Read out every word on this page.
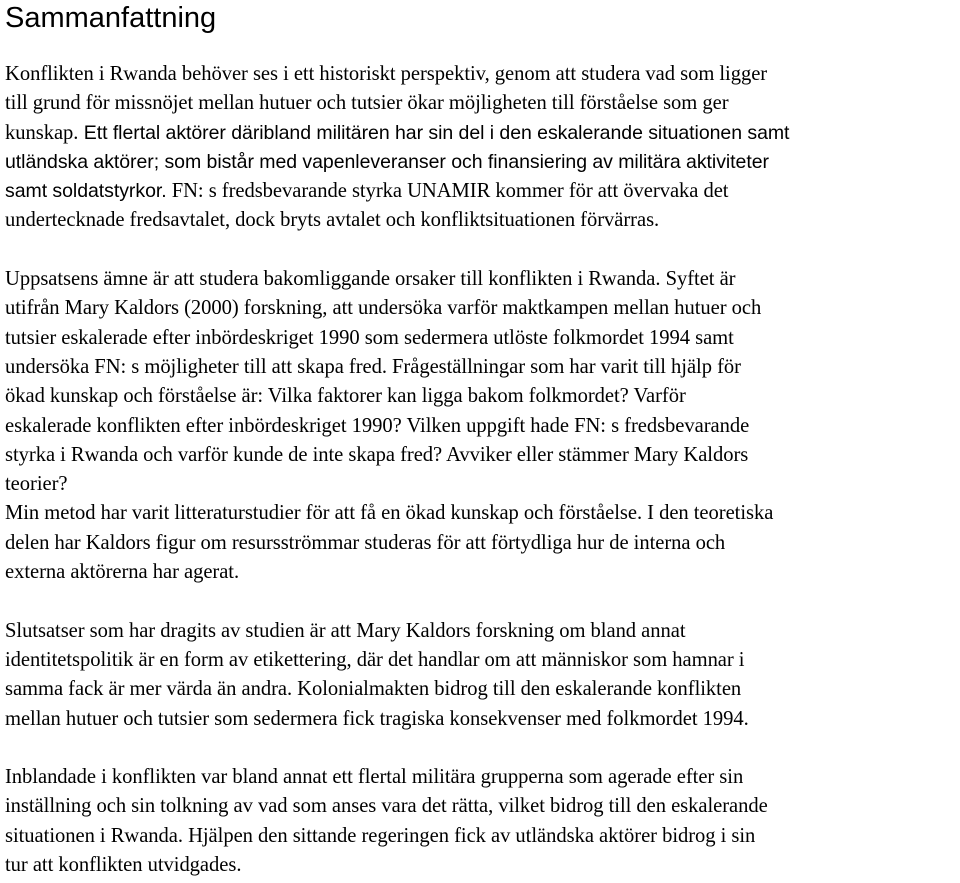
Sammanfattning
Konflikten i Rwanda behöver ses i ett historiskt perspektiv, genom att studera vad som ligger
till grund för missnöjet mellan hutuer och tutsier ökar möjligheten till förståelse som ger
kunskap. Ett flertal aktörer däribland militären har sin del i den eskalerande situationen samt
utländska aktörer; som bistår med vapenleveranser och finansiering av militära aktiviteter
samt soldatstyrkor. FN: s fredsbevarande styrka UNAMIR kommer för att övervaka det
undertecknade fredsavtalet, dock bryts avtalet och konfliktsituationen förvärras.
Uppsatsens ämne är att studera bakomliggande orsaker till konflikten i Rwanda. Syftet är
utifrån Mary Kaldors (2000) forskning, att undersöka varför maktkampen mellan hutuer och
tutsier eskalerade efter inbördeskriget 1990 som sedermera utlöste folkmordet 1994 samt
undersöka FN: s möjligheter till att skapa fred. Frågeställningar som har varit till hjälp för
ökad kunskap och förståelse är: Vilka faktorer kan ligga bakom folkmordet? Varför
eskalerade konflikten efter inbördeskriget 1990? Vilken uppgift hade FN: s fredsbevarande
styrka i Rwanda och varför kunde de inte skapa fred? Avviker eller stämmer Mary Kaldors
teorier?
Min metod har varit litteraturstudier för att få en ökad kunskap och förståelse. I den teoretiska
delen har Kaldors figur om resursströmmar studeras för att förtydliga hur de interna och
externa aktörerna har agerat.
Slutsatser som har dragits av studien är att Mary Kaldors forskning om bland annat
identitetspolitik är en form av etikettering, där det handlar om att människor som hamnar i
samma fack är mer värda än andra. Kolonialmakten bidrog till den eskalerande konflikten
mellan hutuer och tutsier som sedermera fick tragiska konsekvenser med folkmordet 1994.
Inblandade i konflikten var bland annat ett flertal militära grupperna som agerade efter sin
inställning och sin tolkning av vad som anses vara det rätta, vilket bidrog till den eskalerande
situationen i Rwanda. Hjälpen den sittande regeringen fick av utländska aktörer bidrog i sin
tur att konflikten utvidgades.
